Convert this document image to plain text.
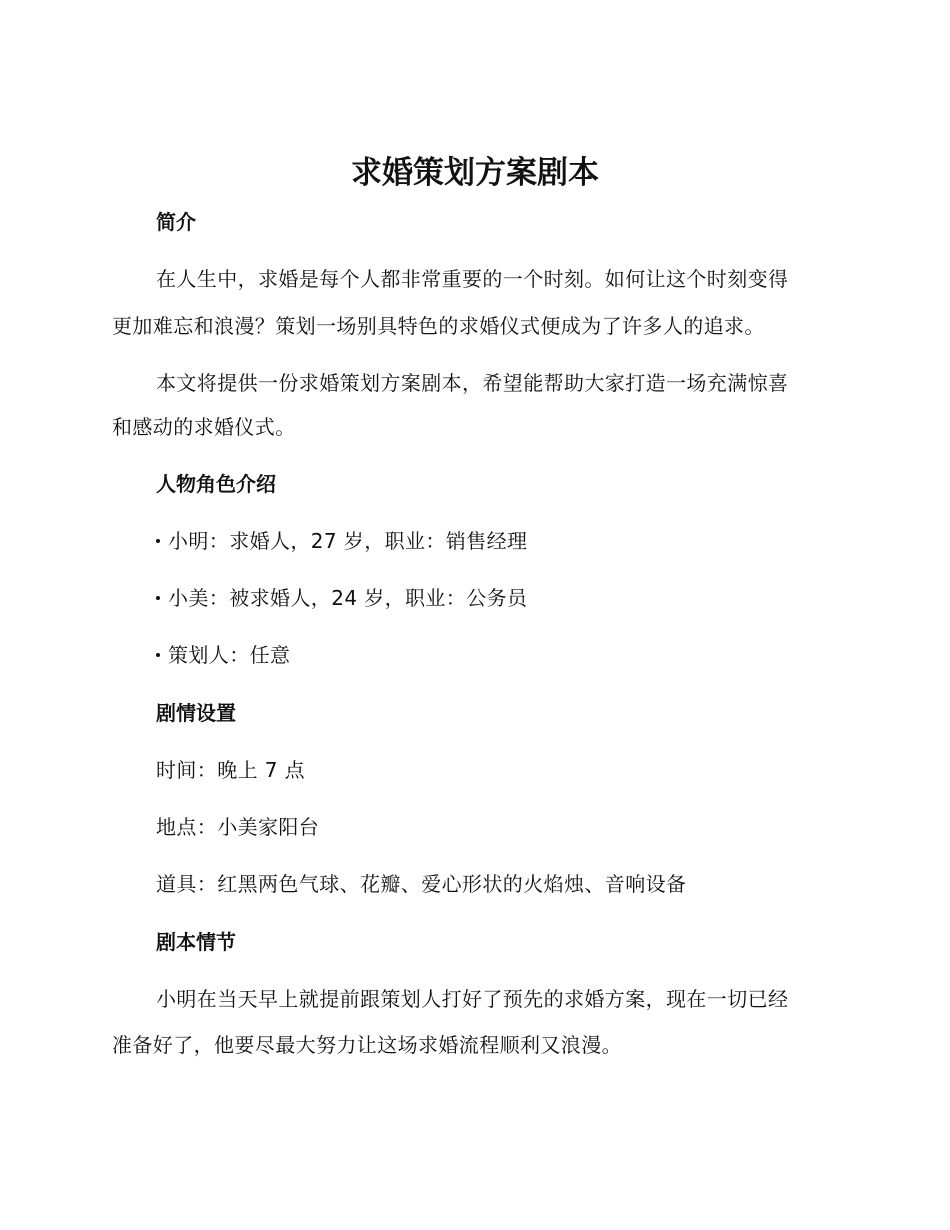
求婚策划方案剧本
简介
在人生中，求婚是每个人都非常重要的一个时刻。如何让这个时刻变得
更加难忘和浪漫？策划一场别具特色的求婚仪式便成为了许多人的追求。
本文将提供一份求婚策划方案剧本，希望能帮助大家打造一场充满惊喜
和感动的求婚仪式。
人物角色介绍
小明：求婚人，27 岁，职业：销售经理
小美：被求婚人，24 岁，职业：公务员
策划人：任意
剧情设置
时间：晚上 7 点
地点：小美家阳台
道具：红黑两色气球、花瓣、爱心形状的火焰烛、音响设备
剧本情节
小明在当天早上就提前跟策划人打好了预先的求婚方案，现在一切已经
准备好了，他要尽最大努力让这场求婚流程顺利又浪漫。
